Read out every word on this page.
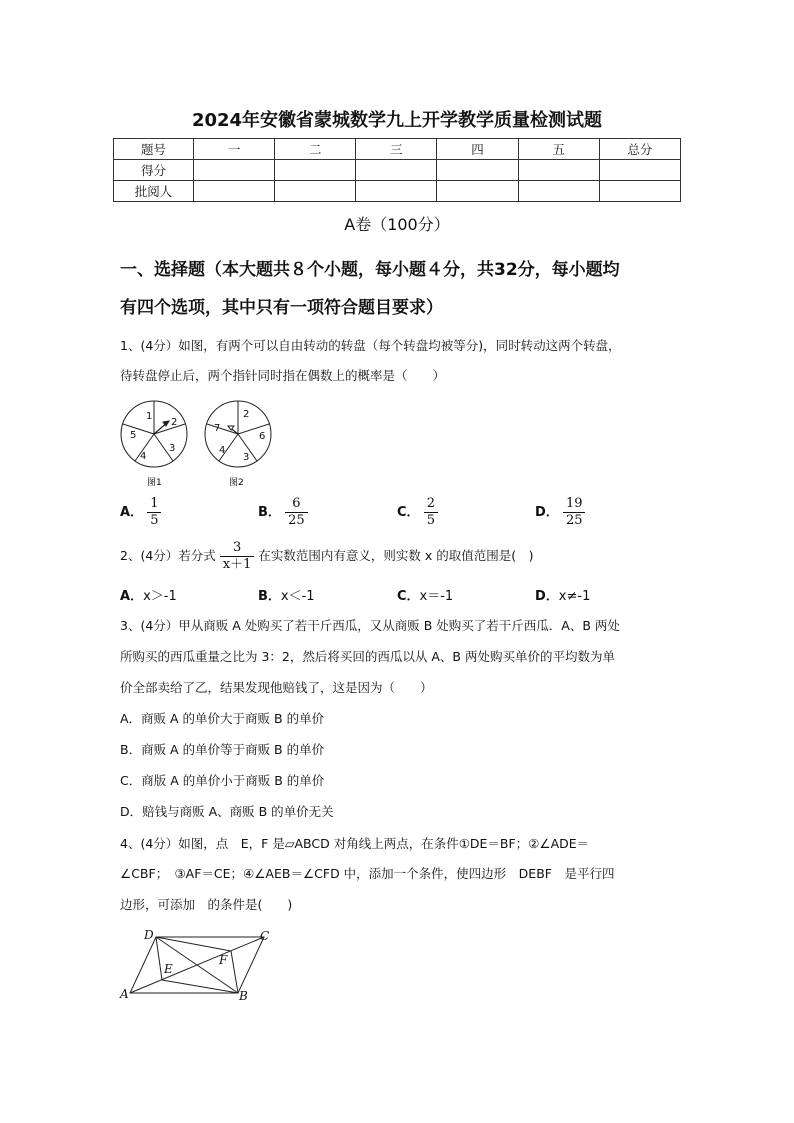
2024年安徽省蒙城数学九上开学教学质量检测试题
题号	一	二	三	四	五	总分
得分						
批阅人						
A卷（100分）
一、选择题（本大题共８个小题，每小题４分，共32分，每小题均
有四个选项，其中只有一项符合题目要求）
1、(4分）如图，有两个可以自由转动的转盘（每个转盘均被等分)，同时转动这两个转盘，
待转盘停止后，两个指针同时指在偶数上的概率是（　　）
1
2
3
4
5
图1
2
6
3
4
7
图2
A． $\frac{1}{5}$	B． $\frac{6}{25}$	C． $\frac{2}{5}$	D． $\frac{19}{25}$
2、(4分）若分式 $\frac{3}{x+1}$ 在实数范围内有意义，则实数 x 的取值范围是(　)
A．x＞-1	B．x＜-1	C．x＝-1	D．x≠-1
3、(4分）甲从商贩 A 处购买了若干斤西瓜，又从商贩 B 处购买了若干斤西瓜．A、B 两处
所购买的西瓜重量之比为 3：2，然后将买回的西瓜以从 A、B 两处购买单价的平均数为单
价全部卖给了乙，结果发现他赔钱了，这是因为（　　）
A．商贩 A 的单价大于商贩 B 的单价
B．商贩 A 的单价等于商贩 B 的单价
C．商版 A 的单价小于商贩 B 的单价
D．赔钱与商贩 A、商贩 B 的单价无关
4、(4分）如图，点　E，F 是▱ABCD 对角线上两点，在条件①DE＝BF；②∠ADE＝
∠CBF；　③AF＝CE；④∠AEB＝∠CFD 中，添加一个条件，使四边形　DEBF　是平行四
边形，可添加　的条件是(　　)
D	C
E
F
A	B
